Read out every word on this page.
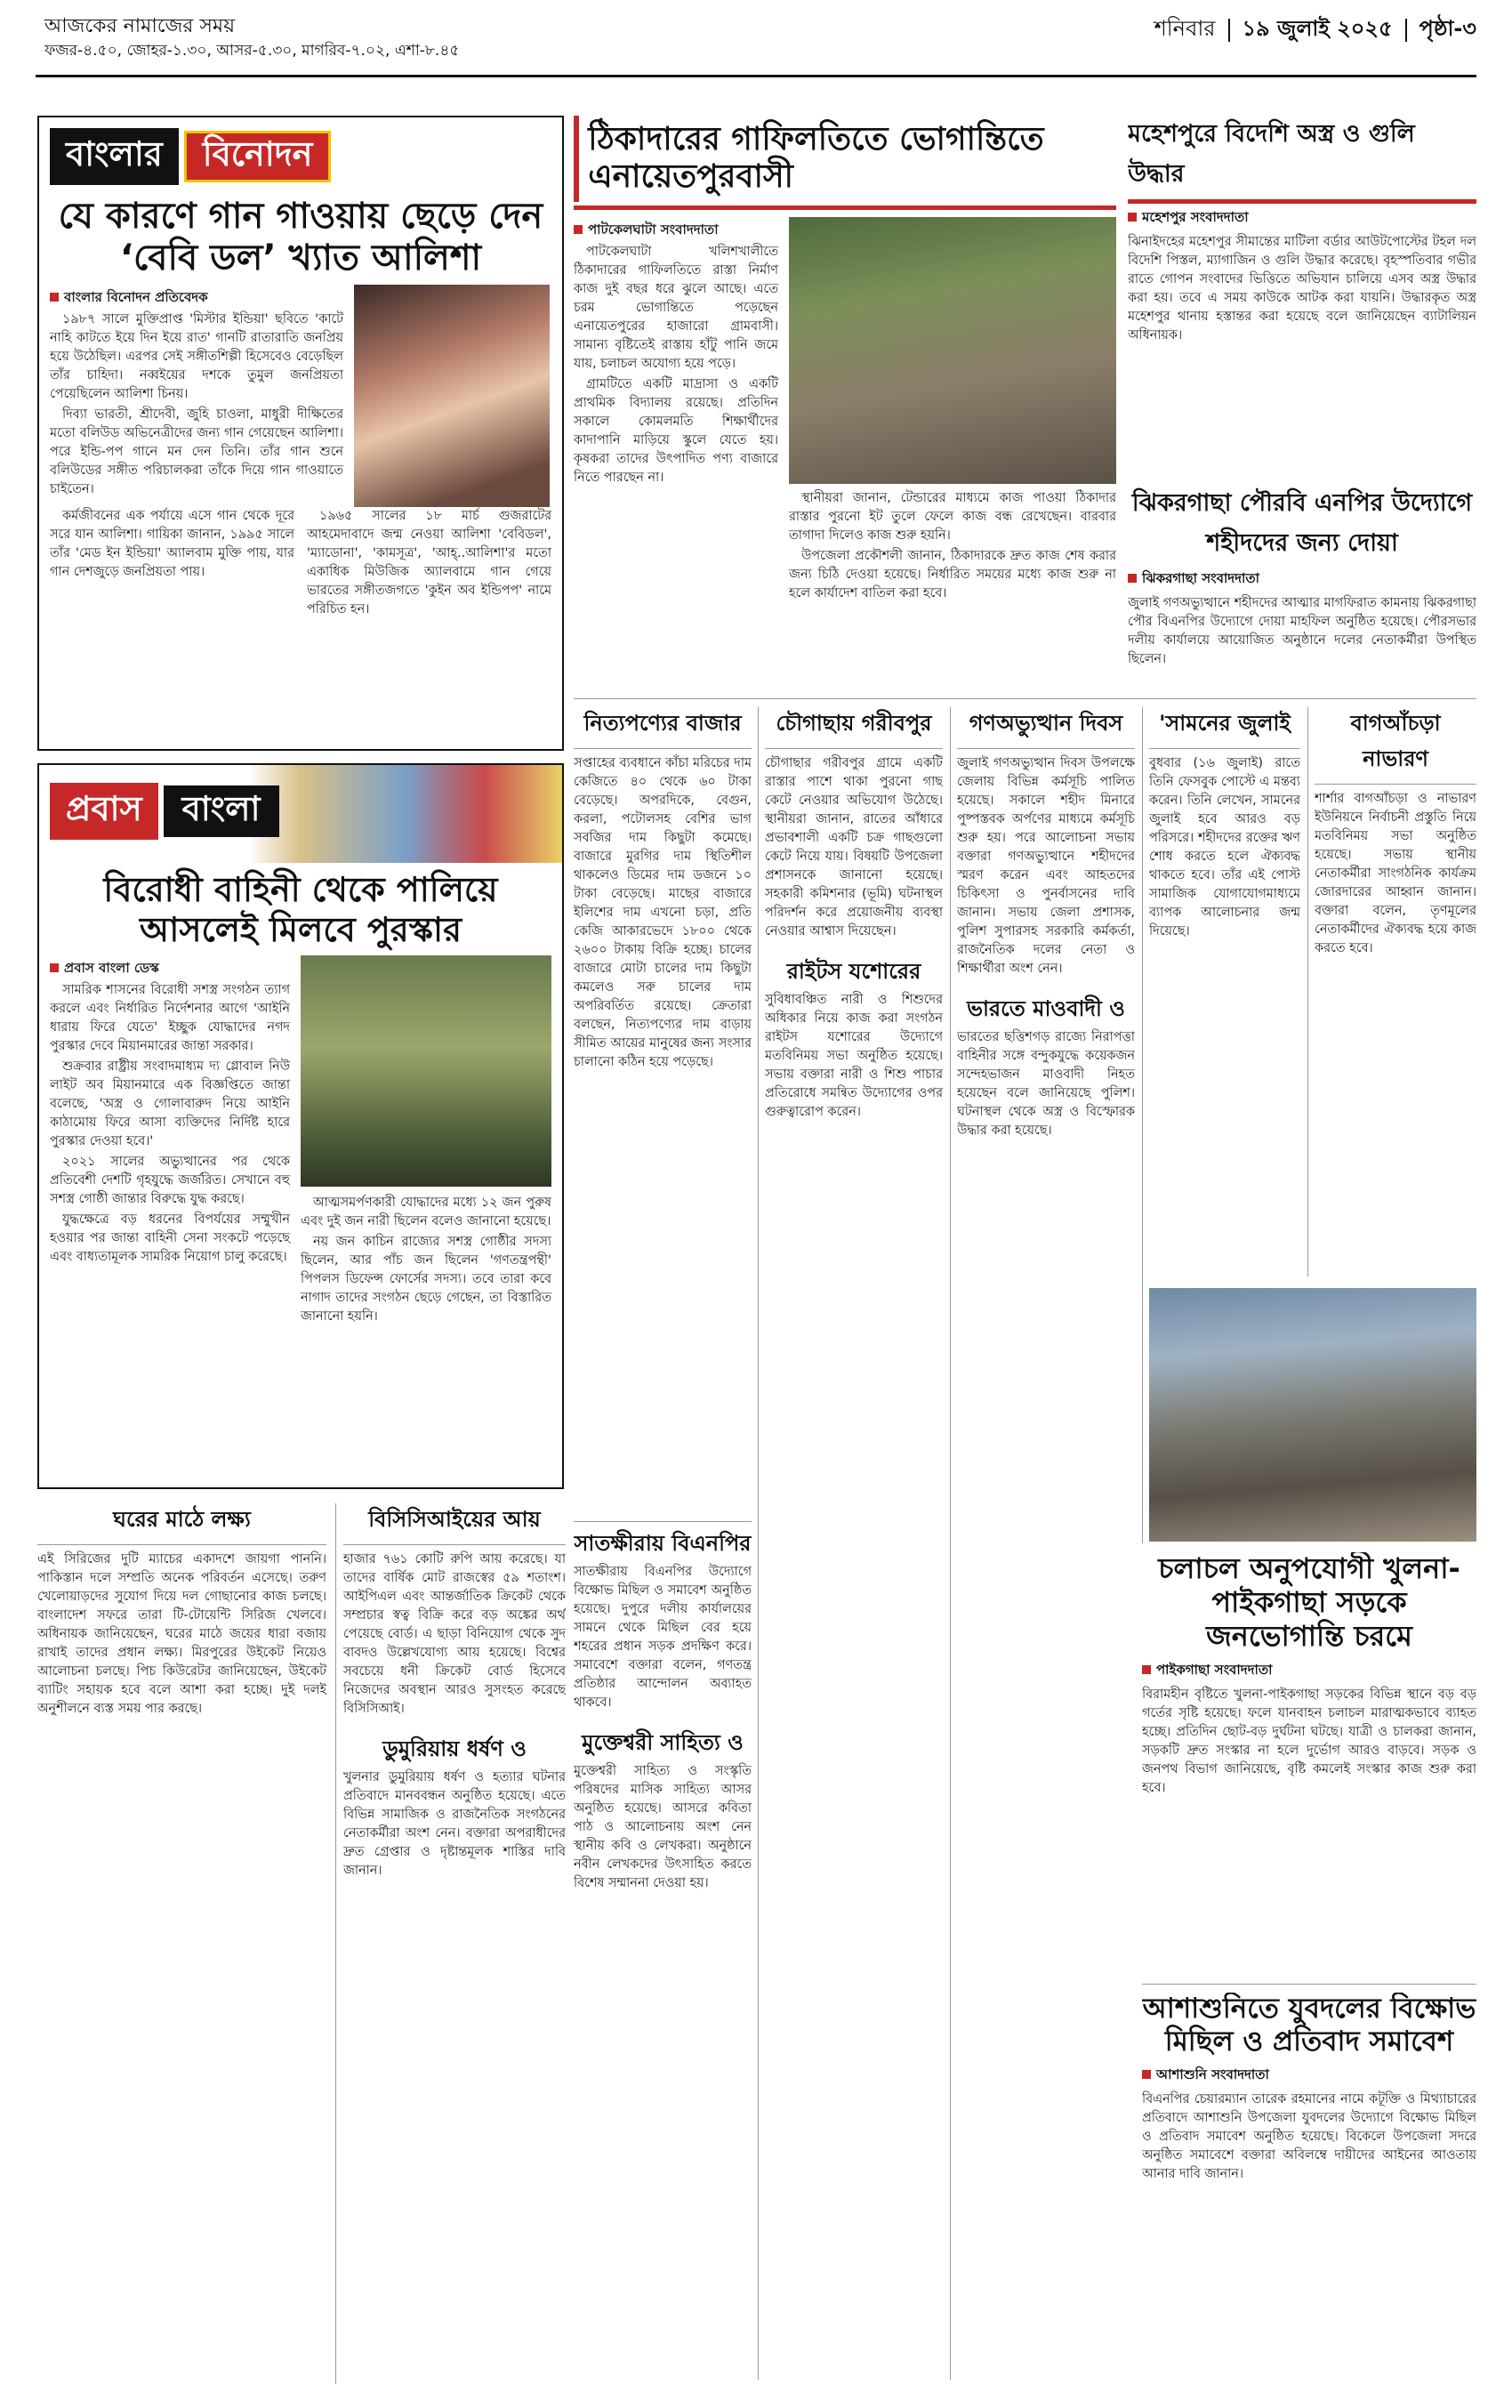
আজকের নামাজের সময়
ফজর-৪.৫০, জোহর-১.৩০, আসর-৫.৩০, মাগরিব-৭.০২, এশা-৮.৪৫
শনিবার ১৯ জুলাই ২০২৫ পৃষ্ঠা-৩
বাংলার	বিনোদন
যে কারণে গান গাওয়ায় ছেড়ে দেন ‘বেবি ডল’ খ্যাত আলিশা
বাংলার বিনোদন প্রতিবেদক

১৯৮৭ সালে মুক্তিপ্রাপ্ত 'মিস্টার ইন্ডিয়া' ছবিতে 'কাটে নাহি কাটতে ইয়ে দিন ইয়ে রাত' গানটি রাতারাতি জনপ্রিয় হয়ে উঠেছিল। এরপর সেই সঙ্গীতশিল্পী হিসেবেও বেড়েছিল তাঁর চাহিদা। নব্বইয়ের দশকে তুমুল জনপ্রিয়তা পেয়েছিলেন আলিশা চিনয়।

দিব্যা ভারতী, শ্রীদেবী, জুহি চাওলা, মাধুরী দীক্ষিতের মতো বলিউড অভিনেত্রীদের জন্য গান গেয়েছেন আলিশা। পরে ইন্ডি-পপ গানে মন দেন তিনি। তাঁর গান শুনে বলিউডের সঙ্গীত পরিচালকরা তাঁকে দিয়ে গান গাওয়াতে চাইতেন।

কর্মজীবনের এক পর্যায়ে এসে গান থেকে দূরে সরে যান আলিশা। গায়িকা জানান, ১৯৯৫ সালে তাঁর 'মেড ইন ইন্ডিয়া' অ্যালবাম মুক্তি পায়, যার গান দেশজুড়ে জনপ্রিয়তা পায়।

১৯৬৫ সালের ১৮ মার্চ গুজরাটের আহমেদাবাদে জন্ম নেওয়া আলিশা 'বেবিডল', 'ম্যাডোনা', 'কামসূত্র', 'আহ্‌..আলিশা'র মতো একাধিক মিউজিক অ্যালবামে গান গেয়ে ভারতের সঙ্গীতজগতে 'কুইন অব ইন্ডিপপ' নামে পরিচিত হন।

প্রবাস	বাংলা
বিরোধী বাহিনী থেকে পালিয়ে আসলেই মিলবে পুরস্কার
প্রবাস বাংলা ডেস্ক

সামরিক শাসনের বিরোধী সশস্ত্র সংগঠন ত্যাগ করলে এবং নির্ধারিত নির্দেশনার আগে 'আইনি ধারায় ফিরে যেতে' ইচ্ছুক যোদ্ধাদের নগদ পুরস্কার দেবে মিয়ানমারের জান্তা সরকার।

শুক্রবার রাষ্ট্রীয় সংবাদমাধ্যম দ্য গ্লোবাল নিউ লাইট অব মিয়ানমারে এক বিজ্ঞপ্তিতে জান্তা বলেছে, 'অস্ত্র ও গোলাবারুদ নিয়ে আইনি কাঠামোয় ফিরে আসা ব্যক্তিদের নির্দিষ্ট হারে পুরস্কার দেওয়া হবে।'

২০২১ সালের অভ্যুত্থানের পর থেকে প্রতিবেশী দেশটি গৃহযুদ্ধে জর্জরিত। সেখানে বহু সশস্ত্র গোষ্ঠী জান্তার বিরুদ্ধে যুদ্ধ করছে।

যুদ্ধক্ষেত্রে বড় ধরনের বিপর্যয়ের সম্মুখীন হওয়ার পর জান্তা বাহিনী সেনা সংকটে পড়েছে এবং বাধ্যতামূলক সামরিক নিয়োগ চালু করেছে।

আত্মসমর্পণকারী যোদ্ধাদের মধ্যে ১২ জন পুরুষ এবং দুই জন নারী ছিলেন বলেও জানানো হয়েছে।

নয় জন কাচিন রাজ্যের সশস্ত্র গোষ্ঠীর সদস্য ছিলেন, আর পাঁচ জন ছিলেন 'গণতন্ত্রপন্থী' পিপলস ডিফেন্স ফোর্সের সদস্য। তবে তারা কবে নাগাদ তাদের সংগঠন ছেড়ে গেছেন, তা বিস্তারিত জানানো হয়নি।

ঘরের মাঠে লক্ষ্য
এই সিরিজের দুটি ম্যাচের একাদশে জায়গা পাননি। পাকিস্তান দলে সম্প্রতি অনেক পরিবর্তন এসেছে। তরুণ খেলোয়াড়দের সুযোগ দিয়ে দল গোছানোর কাজ চলছে। বাংলাদেশ সফরে তারা টি-টোয়েন্টি সিরিজ খেলবে। অধিনায়ক জানিয়েছেন, ঘরের মাঠে জয়ের ধারা বজায় রাখাই তাদের প্রধান লক্ষ্য। মিরপুরের উইকেট নিয়েও আলোচনা চলছে। পিচ কিউরেটর জানিয়েছেন, উইকেট ব্যাটিং সহায়ক হবে বলে আশা করা হচ্ছে। দুই দলই অনুশীলনে ব্যস্ত সময় পার করছে।
বিসিসিআইয়ের আয়
হাজার ৭৬১ কোটি রুপি আয় করেছে। যা তাদের বার্ষিক মোট রাজস্বের ৫৯ শতাংশ। আইপিএল এবং আন্তর্জাতিক ক্রিকেট থেকে সম্প্রচার স্বত্ব বিক্রি করে বড় অঙ্কের অর্থ পেয়েছে বোর্ড। এ ছাড়া বিনিয়োগ থেকে সুদ বাবদও উল্লেখযোগ্য আয় হয়েছে। বিশ্বের সবচেয়ে ধনী ক্রিকেট বোর্ড হিসেবে নিজেদের অবস্থান আরও সুসংহত করেছে বিসিসিআই।
ডুমুরিয়ায় ধর্ষণ ও
খুলনার ডুমুরিয়ায় ধর্ষণ ও হত্যার ঘটনার প্রতিবাদে মানববন্ধন অনুষ্ঠিত হয়েছে। এতে বিভিন্ন সামাজিক ও রাজনৈতিক সংগঠনের নেতাকর্মীরা অংশ নেন। বক্তারা অপরাধীদের দ্রুত গ্রেপ্তার ও দৃষ্টান্তমূলক শাস্তির দাবি জানান।
ঠিকাদারের গাফিলতিতে ভোগান্তিতে এনায়েতপুরবাসী
পাটকেলঘাটা সংবাদদাতা

পাটকেলঘাটা খলিশখালীতে ঠিকাদারের গাফিলতিতে রাস্তা নির্মাণ কাজ দুই বছর ধরে ঝুলে আছে। এতে চরম ভোগান্তিতে পড়েছেন এনায়েতপুরের হাজারো গ্রামবাসী। সামান্য বৃষ্টিতেই রাস্তায় হাঁটু পানি জমে যায়, চলাচল অযোগ্য হয়ে পড়ে।

গ্রামটিতে একটি মাদ্রাসা ও একটি প্রাথমিক বিদ্যালয় রয়েছে। প্রতিদিন সকালে কোমলমতি শিক্ষার্থীদের কাদাপানি মাড়িয়ে স্কুলে যেতে হয়। কৃষকরা তাদের উৎপাদিত পণ্য বাজারে নিতে পারছেন না।

স্থানীয়রা জানান, টেন্ডারের মাধ্যমে কাজ পাওয়া ঠিকাদার রাস্তার পুরনো ইট তুলে ফেলে কাজ বন্ধ রেখেছেন। বারবার তাগাদা দিলেও কাজ শুরু হয়নি।

উপজেলা প্রকৌশলী জানান, ঠিকাদারকে দ্রুত কাজ শেষ করার জন্য চিঠি দেওয়া হয়েছে। নির্ধারিত সময়ের মধ্যে কাজ শুরু না হলে কার্যাদেশ বাতিল করা হবে।

মহেশপুরে বিদেশি অস্ত্র ও গুলি উদ্ধার
মহেশপুর সংবাদদাতা
ঝিনাইদহের মহেশপুর সীমান্তের মাটিলা বর্ডার আউটপোস্টের টহল দল বিদেশি পিস্তল, ম্যাগাজিন ও গুলি উদ্ধার করেছে। বৃহস্পতিবার গভীর রাতে গোপন সংবাদের ভিত্তিতে অভিযান চালিয়ে এসব অস্ত্র উদ্ধার করা হয়। তবে এ সময় কাউকে আটক করা যায়নি। উদ্ধারকৃত অস্ত্র মহেশপুর থানায় হস্তান্তর করা হয়েছে বলে জানিয়েছেন ব্যাটালিয়ন অধিনায়ক।
ঝিকরগাছা পৌরবি এনপির উদ্যোগে শহীদদের জন্য দোয়া
ঝিকরগাছা সংবাদদাতা
জুলাই গণঅভ্যুত্থানে শহীদদের আত্মার মাগফিরাত কামনায় ঝিকরগাছা পৌর বিএনপির উদ্যোগে দোয়া মাহফিল অনুষ্ঠিত হয়েছে। পৌরসভার দলীয় কার্যালয়ে আয়োজিত অনুষ্ঠানে দলের নেতাকর্মীরা উপস্থিত ছিলেন।
নিত্যপণ্যের বাজার
সপ্তাহের ব্যবধানে কাঁচা মরিচের দাম কেজিতে ৪০ থেকে ৬০ টাকা বেড়েছে। অপরদিকে, বেগুন, করলা, পটোলসহ বেশির ভাগ সবজির দাম কিছুটা কমেছে। বাজারে মুরগির দাম স্থিতিশীল থাকলেও ডিমের দাম ডজনে ১০ টাকা বেড়েছে। মাছের বাজারে ইলিশের দাম এখনো চড়া, প্রতি কেজি আকারভেদে ১৮০০ থেকে ২৬০০ টাকায় বিক্রি হচ্ছে। চালের বাজারে মোটা চালের দাম কিছুটা কমলেও সরু চালের দাম অপরিবর্তিত রয়েছে। ক্রেতারা বলছেন, নিত্যপণ্যের দাম বাড়ায় সীমিত আয়ের মানুষের জন্য সংসার চালানো কঠিন হয়ে পড়েছে।
চৌগাছায় গরীবপুর
চৌগাছার গরীবপুর গ্রামে একটি রাস্তার পাশে থাকা পুরনো গাছ কেটে নেওয়ার অভিযোগ উঠেছে। স্থানীয়রা জানান, রাতের আঁধারে প্রভাবশালী একটি চক্র গাছগুলো কেটে নিয়ে যায়। বিষয়টি উপজেলা প্রশাসনকে জানানো হয়েছে। সহকারী কমিশনার (ভূমি) ঘটনাস্থল পরিদর্শন করে প্রয়োজনীয় ব্যবস্থা নেওয়ার আশ্বাস দিয়েছেন।
রাইটস যশোরের
সুবিধাবঞ্চিত নারী ও শিশুদের অধিকার নিয়ে কাজ করা সংগঠন রাইটস যশোরের উদ্যোগে মতবিনিময় সভা অনুষ্ঠিত হয়েছে। সভায় বক্তারা নারী ও শিশু পাচার প্রতিরোধে সমন্বিত উদ্যোগের ওপর গুরুত্বারোপ করেন।
গণঅভ্যুত্থান দিবস
জুলাই গণঅভ্যুত্থান দিবস উপলক্ষে জেলায় বিভিন্ন কর্মসূচি পালিত হয়েছে। সকালে শহীদ মিনারে পুষ্পস্তবক অর্পণের মাধ্যমে কর্মসূচি শুরু হয়। পরে আলোচনা সভায় বক্তারা গণঅভ্যুত্থানে শহীদদের স্মরণ করেন এবং আহতদের চিকিৎসা ও পুনর্বাসনের দাবি জানান। সভায় জেলা প্রশাসক, পুলিশ সুপারসহ সরকারি কর্মকর্তা, রাজনৈতিক দলের নেতা ও শিক্ষার্থীরা অংশ নেন।
ভারতে মাওবাদী ও
ভারতের ছত্তিশগড় রাজ্যে নিরাপত্তা বাহিনীর সঙ্গে বন্দুকযুদ্ধে কয়েকজন সন্দেহভাজন মাওবাদী নিহত হয়েছেন বলে জানিয়েছে পুলিশ। ঘটনাস্থল থেকে অস্ত্র ও বিস্ফোরক উদ্ধার করা হয়েছে।
'সামনের জুলাই
বুধবার (১৬ জুলাই) রাতে তিনি ফেসবুক পোস্টে এ মন্তব্য করেন। তিনি লেখেন, সামনের জুলাই হবে আরও বড় পরিসরে। শহীদদের রক্তের ঋণ শোধ করতে হলে ঐক্যবদ্ধ থাকতে হবে। তাঁর এই পোস্ট সামাজিক যোগাযোগমাধ্যমে ব্যাপক আলোচনার জন্ম দিয়েছে।
বাগআঁচড়া নাভারণ
শার্শার বাগআঁচড়া ও নাভারণ ইউনিয়নে নির্বাচনী প্রস্তুতি নিয়ে মতবিনিময় সভা অনুষ্ঠিত হয়েছে। সভায় স্থানীয় নেতাকর্মীরা সাংগঠনিক কার্যক্রম জোরদারের আহ্বান জানান। বক্তারা বলেন, তৃণমূলের নেতাকর্মীদের ঐক্যবদ্ধ হয়ে কাজ করতে হবে।
সাতক্ষীরায় বিএনপির
সাতক্ষীরায় বিএনপির উদ্যোগে বিক্ষোভ মিছিল ও সমাবেশ অনুষ্ঠিত হয়েছে। দুপুরে দলীয় কার্যালয়ের সামনে থেকে মিছিল বের হয়ে শহরের প্রধান সড়ক প্রদক্ষিণ করে। সমাবেশে বক্তারা বলেন, গণতন্ত্র প্রতিষ্ঠার আন্দোলন অব্যাহত থাকবে।
মুক্তেশ্বরী সাহিত্য ও
মুক্তেশ্বরী সাহিত্য ও সংস্কৃতি পরিষদের মাসিক সাহিত্য আসর অনুষ্ঠিত হয়েছে। আসরে কবিতা পাঠ ও আলোচনায় অংশ নেন স্থানীয় কবি ও লেখকরা। অনুষ্ঠানে নবীন লেখকদের উৎসাহিত করতে বিশেষ সম্মাননা দেওয়া হয়।
চলাচল অনুপযোগী খুলনা-পাইকগাছা সড়কে জনভোগান্তি চরমে
পাইকগাছা সংবাদদাতা
বিরামহীন বৃষ্টিতে খুলনা-পাইকগাছা সড়কের বিভিন্ন স্থানে বড় বড় গর্তের সৃষ্টি হয়েছে। ফলে যানবাহন চলাচল মারাত্মকভাবে ব্যাহত হচ্ছে। প্রতিদিন ছোট-বড় দুর্ঘটনা ঘটছে। যাত্রী ও চালকরা জানান, সড়কটি দ্রুত সংস্কার না হলে দুর্ভোগ আরও বাড়বে। সড়ক ও জনপথ বিভাগ জানিয়েছে, বৃষ্টি কমলেই সংস্কার কাজ শুরু করা হবে।
আশাশুনিতে যুবদলের বিক্ষোভ মিছিল ও প্রতিবাদ সমাবেশ
আশাশুনি সংবাদদাতা
বিএনপির চেয়ারম্যান তারেক রহমানের নামে কটূক্তি ও মিথ্যাচারের প্রতিবাদে আশাশুনি উপজেলা যুবদলের উদ্যোগে বিক্ষোভ মিছিল ও প্রতিবাদ সমাবেশ অনুষ্ঠিত হয়েছে। বিকেলে উপজেলা সদরে অনুষ্ঠিত সমাবেশে বক্তারা অবিলম্বে দায়ীদের আইনের আওতায় আনার দাবি জানান।
